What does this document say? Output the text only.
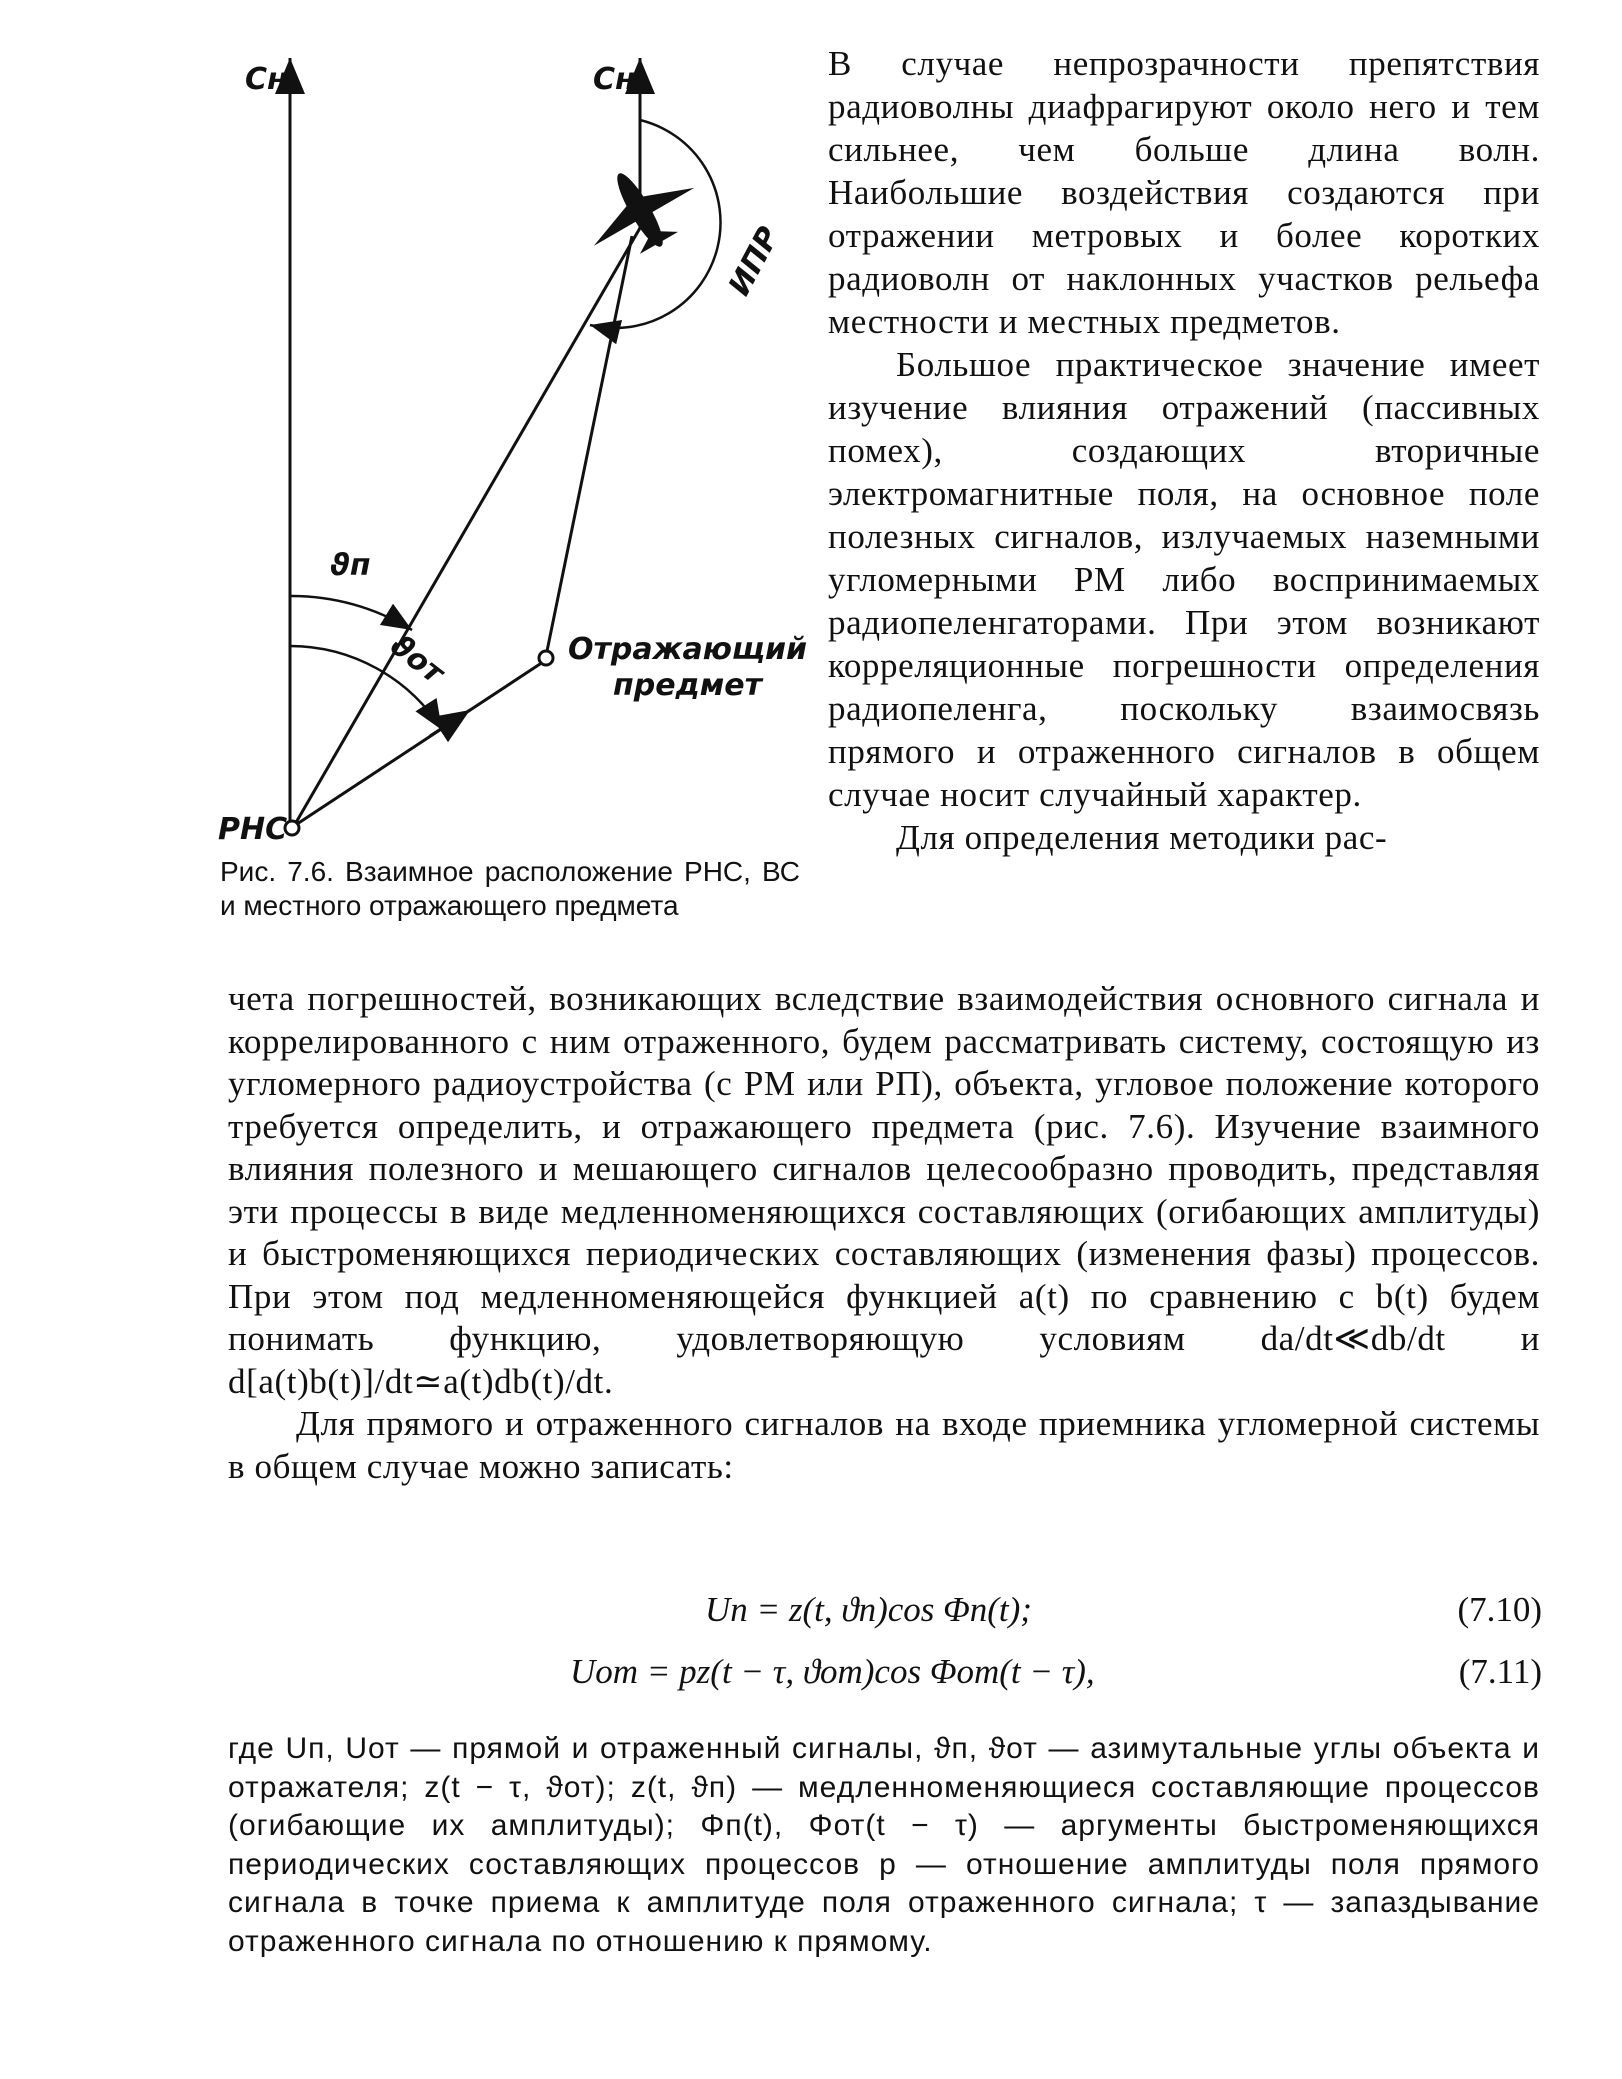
Cн	Cн
ИПР
ϑп
ϑот	Отражающий
предмет
РНС
Рис. 7.6. Взаимное расположение РНС, ВС и местного отражающего предмета

В случае непрозрачности препятствия радиоволны диафрагируют около него и тем сильнее, чем больше длина волн. Наибольшие воздействия создаются при отражении метровых и более коротких радиоволн от наклонных участков рельефа местности и местных предметов.

Большое практическое значение имеет изучение влияния отражений (пассивных помех), создающих вторичные электромагнитные поля, на основное поле полезных сигналов, излучаемых наземными угломерными РМ либо воспринимаемых радиопеленгаторами. При этом возникают корреляционные погрешности определения радиопеленга, поскольку взаимосвязь прямого и отраженного сигналов в общем случае носит случайный характер.

Для определения методики рас-

чета погрешностей, возникающих вследствие взаимодействия основного сигнала и коррелированного с ним отраженного, будем рассматривать систему, состоящую из угломерного радиоустройства (с РМ или РП), объекта, угловое положение которого требуется определить, и отражающего предмета (рис. 7.6). Изучение взаимного влияния полезного и мешающего сигналов целесообразно проводить, представляя эти процессы в виде медленноменяющихся составляющих (огибающих амплитуды) и быстроменяющихся периодических составляющих (изменения фазы) процессов. При этом под медленноменяющейся функцией a(t) по сравнению с b(t) будем понимать функцию, удовлетворяющую условиям da/dt≪db/dt и d[a(t)b(t)]/dt≃a(t)db(t)/dt.

Для прямого и отраженного сигналов на входе приемника угломерной системы в общем случае можно записать:

Uп = z(t, ϑп)cos Φп(t);	(7.10)
Uот = pz(t − τ, ϑот)cos Φот(t − τ),	(7.11)

где Uп, Uот — прямой и отраженный сигналы, ϑп, ϑот — азимутальные углы объекта и отражателя; z(t − τ, ϑот); z(t, ϑп) — медленноменяющиеся составляющие процессов (огибающие их амплитуды); Φп(t), Φот(t − τ) — аргументы быстроменяющихся периодических составляющих процессов p — отношение амплитуды поля прямого сигнала в точке приема к амплитуде поля отраженного сигнала; τ — запаздывание отраженного сигнала по отношению к прямому.
